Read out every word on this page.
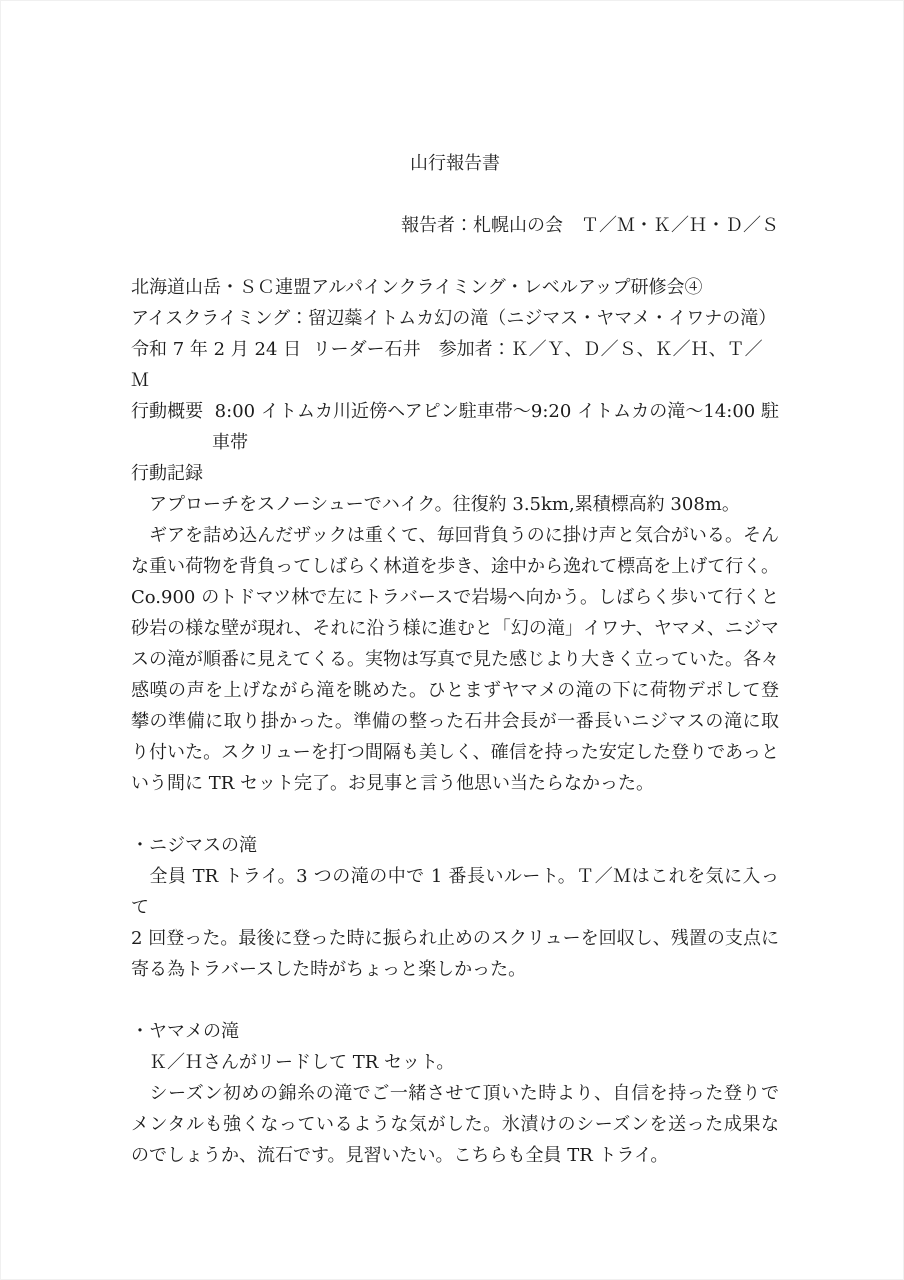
山行報告書

報告者：札幌山の会　Ｔ／Ｍ・Ｋ／Ｈ・Ｄ／Ｓ

北海道山岳・ＳＣ連盟アルパインクライミング・レベルアップ研修会④
アイスクライミング：留辺蘂イトムカ幻の滝（ニジマス・ヤマメ・イワナの滝）
令和 7 年 2 月 24 日  リーダー石井　参加者：Ｋ／Ｙ、Ｄ／Ｓ、Ｋ／Ｈ、Ｔ／Ｍ
行動概要  8:00 イトムカ川近傍ヘアピン駐車帯～9:20 イトムカの滝～14:00 駐
車帯
行動記録
　アプローチをスノーシューでハイク。往復約 3.5km,累積標高約 308m。
　ギアを詰め込んだザックは重くて、毎回背負うのに掛け声と気合がいる。そん
な重い荷物を背負ってしばらく林道を歩き、途中から逸れて標高を上げて行く。
Co.900 のトドマツ林で左にトラバースで岩場へ向かう。しばらく歩いて行くと
砂岩の様な壁が現れ、それに沿う様に進むと「幻の滝」イワナ、ヤマメ、ニジマ
スの滝が順番に見えてくる。実物は写真で見た感じより大きく立っていた。各々
感嘆の声を上げながら滝を眺めた。ひとまずヤマメの滝の下に荷物デポして登
攀の準備に取り掛かった。準備の整った石井会長が一番長いニジマスの滝に取
り付いた。スクリューを打つ間隔も美しく、確信を持った安定した登りであっと
いう間に TR セット完了。お見事と言う他思い当たらなかった。

・ニジマスの滝
　全員 TR トライ。3 つの滝の中で 1 番長いルート。Ｔ／Ｍはこれを気に入って
2 回登った。最後に登った時に振られ止めのスクリューを回収し、残置の支点に
寄る為トラバースした時がちょっと楽しかった。

・ヤマメの滝
　Ｋ／Ｈさんがリードして TR セット。
　シーズン初めの錦糸の滝でご一緒させて頂いた時より、自信を持った登りで
メンタルも強くなっているような気がした。氷漬けのシーズンを送った成果な
のでしょうか、流石です。見習いたい。こちらも全員 TR トライ。
